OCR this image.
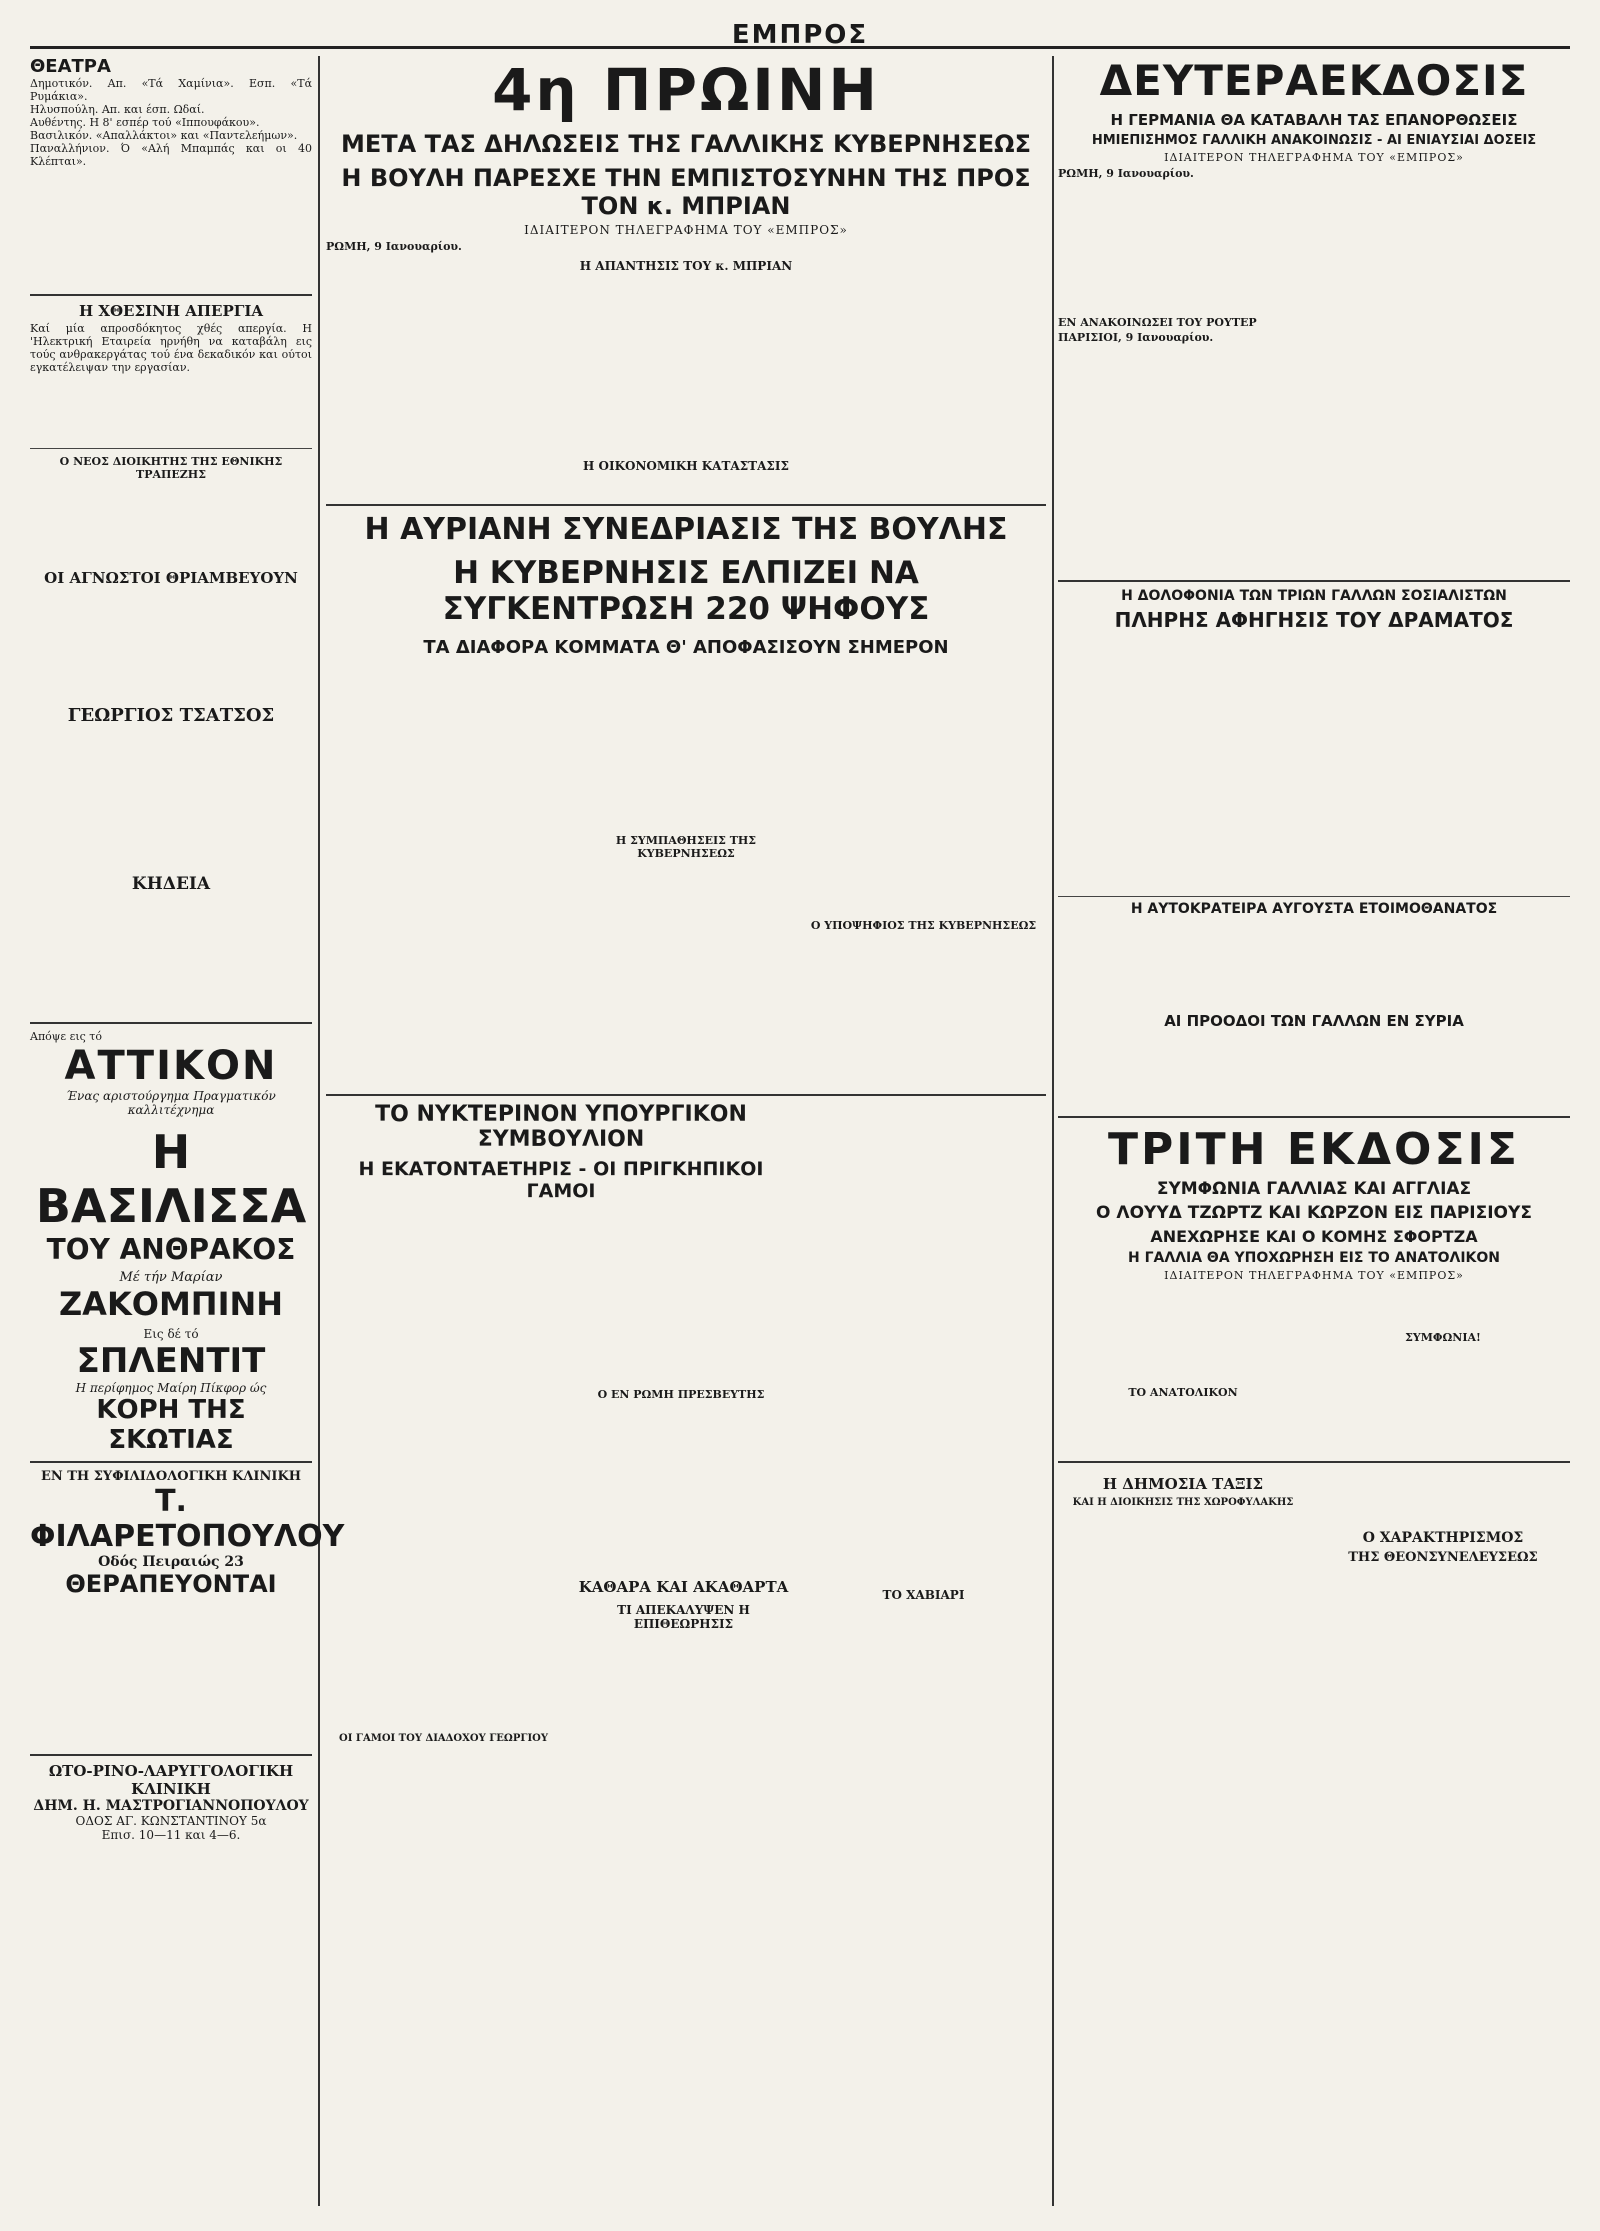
ΕΜΠΡΟΣ
ΘΕΑΤΡΑ
Δημοτικόν. Απ. «Τά Χαμίνια». Εσπ. «Τά Ρυμάκια».
Ηλυσπούλη. Απ. και έσπ. Ωδαί.
Αυθέντης. Η 8' εσπέρ τού «Ιππουφάκου».
Βασιλικόν. «Απαλλάκτοι» και «Παντελεήμων».
Παναλλήνιον. Ό «Αλή Μπαμπάς και οι 40 Κλέπται».
Η ΧΘΕΣΙΝΗ ΑΠΕΡΓΙΑ
Καί μία απροσδόκητος χθές απεργία. Η 'Ηλεκτρική Εταιρεία ηρνήθη να καταβάλη εις τούς ανθρακεργάτας τού ένα δεκαδικόν και ούτοι εγκατέλειψαν την εργασίαν.
Ο ΝΕΟΣ ΔΙΟΙΚΗΤΗΣ ΤΗΣ ΕΘΝΙΚΗΣ ΤΡΑΠΕΖΗΣ
ΟΙ ΑΓΝΩΣΤΟΙ ΘΡΙΑΜΒΕΥΟΥΝ
ΓΕΩΡΓΙΟΣ ΤΣΑΤΣΟΣ
ΚΗΔΕΙΑ
Απόψε εις τό
ΑΤΤΙΚΟΝ
Ένας αριστούργημα Πραγματικόν καλλιτέχνημα
Η ΒΑΣΙΛΙΣΣΑ
ΤΟΥ ΑΝΘΡΑΚΟΣ
Μέ τήν Μαρίαν
ΖΑΚΟΜΠΙΝΗ
Εις δέ τό
ΣΠΛΕΝΤΙΤ
Η περίφημος Μαίρη Πίκφορ ώς
ΚΟΡΗ ΤΗΣ ΣΚΩΤΙΑΣ
ΕΝ ΤΗ ΣΥΦΙΛΙΔΟΛΟΓΙΚΗ ΚΛΙΝΙΚΗ
Τ. ΦΙΛΑΡΕΤΟΠΟΥΛΟΥ
Οδός Πειραιώς 23
ΘΕΡΑΠΕΥΟΝΤΑΙ
ΩΤΟ-ΡΙΝΟ-ΛΑΡΥΓΓΟΛΟΓΙΚΗ ΚΛΙΝΙΚΗ
ΔΗΜ. Η. ΜΑΣΤΡΟΓΙΑΝΝΟΠΟΥΛΟΥ
ΟΔΟΣ ΑΓ. ΚΩΝΣΤΑΝΤΙΝΟΥ 5α
Επισ. 10—11 και 4—6.
4η ΠΡΩΙΝΗ
ΜΕΤΑ ΤΑΣ ΔΗΛΩΣΕΙΣ ΤΗΣ ΓΑΛΛΙΚΗΣ ΚΥΒΕΡΝΗΣΕΩΣ
Η ΒΟΥΛΗ ΠΑΡΕΣΧΕ ΤΗΝ ΕΜΠΙΣΤΟΣΥΝΗΝ ΤΗΣ ΠΡΟΣ ΤΟΝ κ. ΜΠΡΙΑΝ
ΙΔΙΑΙΤΕΡΟΝ ΤΗΛΕΓΡΑΦΗΜΑ ΤΟΥ «ΕΜΠΡΟΣ»
ΡΩΜΗ, 9 Ιανουαρίου.
Η ΑΠΑΝΤΗΣΙΣ ΤΟΥ κ. ΜΠΡΙΑΝ
Η ΟΙΚΟΝΟΜΙΚΗ ΚΑΤΑΣΤΑΣΙΣ
Η ΑΥΡΙΑΝΗ ΣΥΝΕΔΡΙΑΣΙΣ ΤΗΣ ΒΟΥΛΗΣ
Η ΚΥΒΕΡΝΗΣΙΣ ΕΛΠΙΖΕΙ ΝΑ ΣΥΓΚΕΝΤΡΩΣΗ 220 ΨΗΦΟΥΣ
ΤΑ ΔΙΑΦΟΡΑ ΚΟΜΜΑΤΑ Θ' ΑΠΟΦΑΣΙΣΟΥΝ ΣΗΜΕΡΟΝ
Η ΣΥΜΠΑΘΗΣΕΙΣ ΤΗΣ ΚΥΒΕΡΝΗΣΕΩΣ
Ο ΥΠΟΨΗΦΙΟΣ ΤΗΣ ΚΥΒΕΡΝΗΣΕΩΣ
ΤΟ ΝΥΚΤΕΡΙΝΟΝ ΥΠΟΥΡΓΙΚΟΝ ΣΥΜΒΟΥΛΙΟΝ
Η ΕΚΑΤΟΝΤΑΕΤΗΡΙΣ - ΟΙ ΠΡΙΓΚΗΠΙΚΟΙ ΓΑΜΟΙ
Ο ΕΝ ΡΩΜΗ ΠΡΕΣΒΕΥΤΗΣ
ΟΙ ΓΑΜΟΙ ΤΟΥ ΔΙΑΔΟΧΟΥ ΓΕΩΡΓΙΟΥ
ΚΑΘΑΡΑ ΚΑΙ ΑΚΑΘΑΡΤΑ
ΤΙ ΑΠΕΚΑΛΥΨΕΝ Η ΕΠΙΘΕΩΡΗΣΙΣ
ΤΟ ΧΑΒΙΑΡΙ
ΔΕΥΤΕΡΑΕΚΔΟΣΙΣ
Η ΓΕΡΜΑΝΙΑ ΘΑ ΚΑΤΑΒΑΛΗ ΤΑΣ ΕΠΑΝΟΡΘΩΣΕΙΣ
ΗΜΙΕΠΙΣΗΜΟΣ ΓΑΛΛΙΚΗ ΑΝΑΚΟΙΝΩΣΙΣ - ΑΙ ΕΝΙΑΥΣΙΑΙ ΔΟΣΕΙΣ
ΙΔΙΑΙΤΕΡΟΝ ΤΗΛΕΓΡΑΦΗΜΑ ΤΟΥ «ΕΜΠΡΟΣ»
ΡΩΜΗ, 9 Ιανουαρίου.
ΕΝ ΑΝΑΚΟΙΝΩΣΕΙ ΤΟΥ ΡΟΥΤΕΡ
ΠΑΡΙΣΙΟΙ, 9 Ιανουαρίου.
Η ΔΟΛΟΦΟΝΙΑ ΤΩΝ ΤΡΙΩΝ ΓΑΛΛΩΝ ΣΟΣΙΑΛΙΣΤΩΝ
ΠΛΗΡΗΣ ΑΦΗΓΗΣΙΣ ΤΟΥ ΔΡΑΜΑΤΟΣ
Η ΑΥΤΟΚΡΑΤΕΙΡΑ ΑΥΓΟΥΣΤΑ ΕΤΟΙΜΟΘΑΝΑΤΟΣ
ΑΙ ΠΡΟΟΔΟΙ ΤΩΝ ΓΑΛΛΩΝ ΕΝ ΣΥΡΙΑ
ΤΡΙΤΗ ΕΚΔΟΣΙΣ
ΣΥΜΦΩΝΙΑ ΓΑΛΛΙΑΣ ΚΑΙ ΑΓΓΛΙΑΣ
Ο ΛΟΥΥΔ ΤΖΩΡΤΖ ΚΑΙ ΚΩΡΖΟΝ ΕΙΣ ΠΑΡΙΣΙΟΥΣ
ΑΝΕΧΩΡΗΣΕ ΚΑΙ Ο ΚΟΜΗΣ ΣΦΟΡΤΖΑ
Η ΓΑΛΛΙΑ ΘΑ ΥΠΟΧΩΡΗΣΗ ΕΙΣ ΤΟ ΑΝΑΤΟΛΙΚΟΝ
ΙΔΙΑΙΤΕΡΟΝ ΤΗΛΕΓΡΑΦΗΜΑ ΤΟΥ «ΕΜΠΡΟΣ»
ΣΥΜΦΩΝΙΑ!
ΤΟ ΑΝΑΤΟΛΙΚΟΝ
Η ΔΗΜΟΣΙΑ ΤΑΞΙΣ
ΚΑΙ Η ΔΙΟΙΚΗΣΙΣ ΤΗΣ ΧΩΡΟΦΥΛΑΚΗΣ
Ο ΧΑΡΑΚΤΗΡΙΣΜΟΣ
ΤΗΣ ΘΕΟΝΣΥΝΕΛΕΥΣΕΩΣ
